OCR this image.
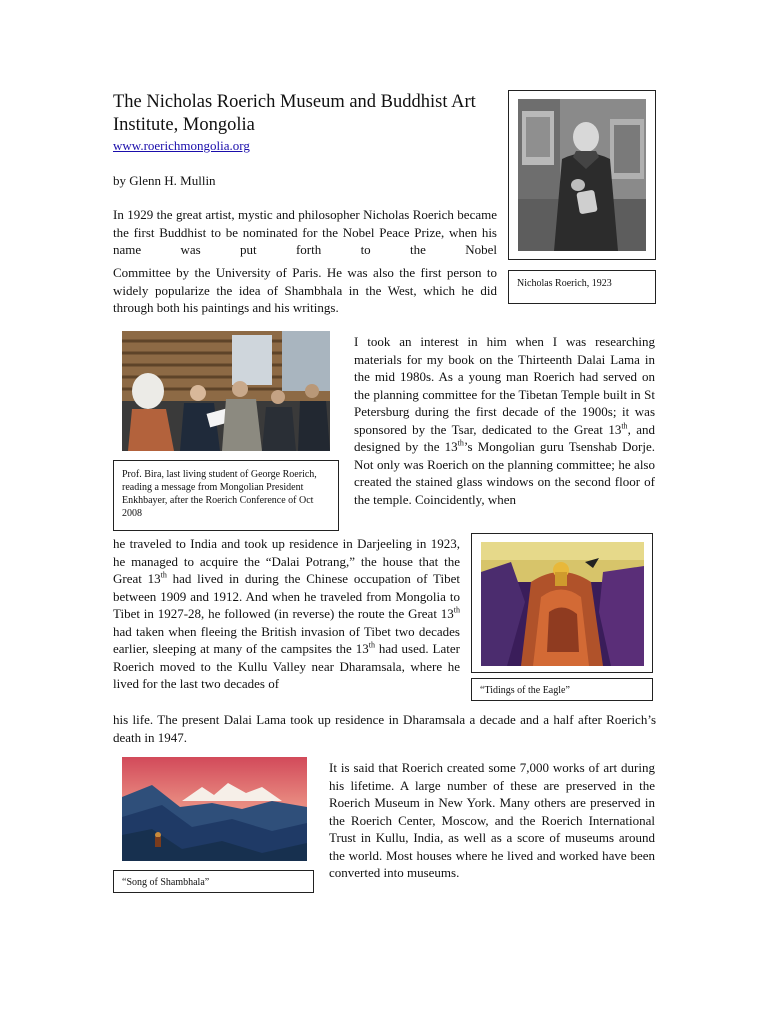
The Nicholas Roerich Museum and Buddhist Art Institute, Mongolia
www.roerichmongolia.org
by Glenn H. Mullin

In 1929 the great artist, mystic and philosopher Nicholas Roerich became the first Buddhist to be nominated for the Nobel Peace Prize, when his name was put forth to the Nobel

Committee by the University of Paris. He was also the first person to widely popularize the idea of Shambhala in the West, which he did through both his paintings and his writings.

Nicholas Roerich, 1923
Prof. Bira, last living student of George Roerich, reading a message from Mongolian President Enkhbayer, after the Roerich Conference of Oct 2008

I took an interest in him when I was researching materials for my book on the Thirteenth Dalai Lama in the mid 1980s. As a young man Roerich had served on the planning committee for the Tibetan Temple built in St Petersburg during the first decade of the 1900s; it was sponsored by the Tsar, dedicated to the Great 13th, and designed by the 13th’s Mongolian guru Tsenshab Dorje. Not only was Roerich on the planning committee; he also created the stained glass windows on the second floor of the temple. Coincidently, when

“Tidings of the Eagle”

he traveled to India and took up residence in Darjeeling in 1923, he managed to acquire the “Dalai Potrang,” the house that the Great 13th had lived in during the Chinese occupation of Tibet between 1909 and 1912. And when he traveled from Mongolia to Tibet in 1927-28, he followed (in reverse) the route the Great 13th had taken when fleeing the British invasion of Tibet two decades earlier, sleeping at many of the campsites the 13th had used. Later Roerich moved to the Kullu Valley near Dharamsala, where he lived for the last two decades of

his life. The present Dalai Lama took up residence in Dharamsala a decade and a half after Roerich’s death in 1947.

“Song of Shambhala”

It is said that Roerich created some 7,000 works of art during his lifetime. A large number of these are preserved in the Roerich Museum in New York. Many others are preserved in the Roerich Center, Moscow, and the Roerich International Trust in Kullu, India, as well as a score of museums around the world. Most houses where he lived and worked have been converted into museums.
